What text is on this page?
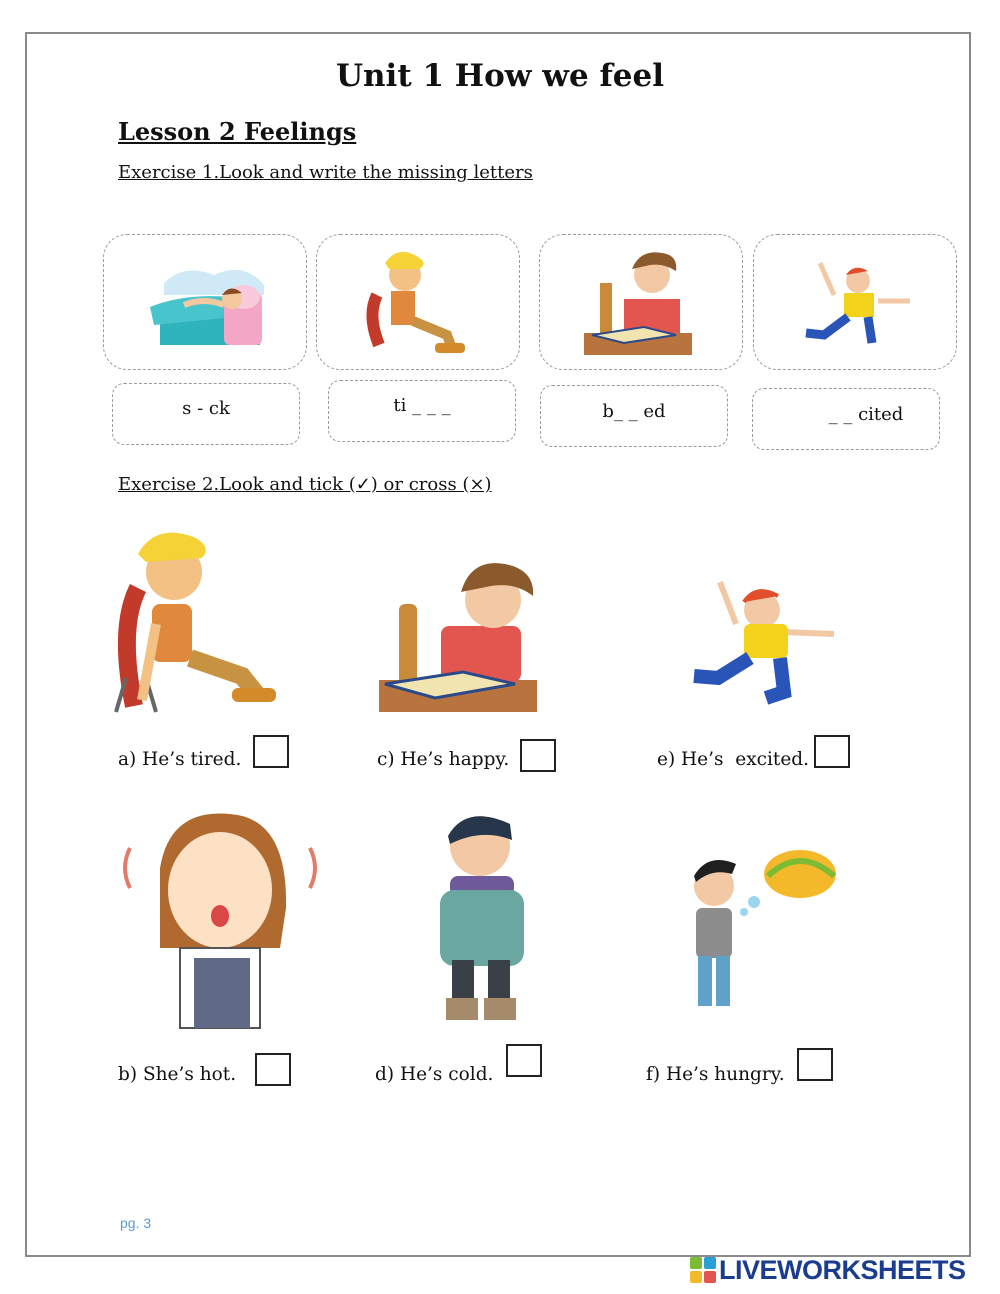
Unit 1 How we feel
Lesson 2 Feelings
Exercise 1.Look and write the missing letters
s - ck	ti _ _ _	b_ _ ed	_ _ cited
Exercise 2.Look and tick (✓) or cross (×)
a) He’s tired.	c) He’s happy.	e) He’s  excited.
b) She’s hot.	d) He’s cold.	f) He’s hungry.
pg. 3
LIVEWORKSHEETS
